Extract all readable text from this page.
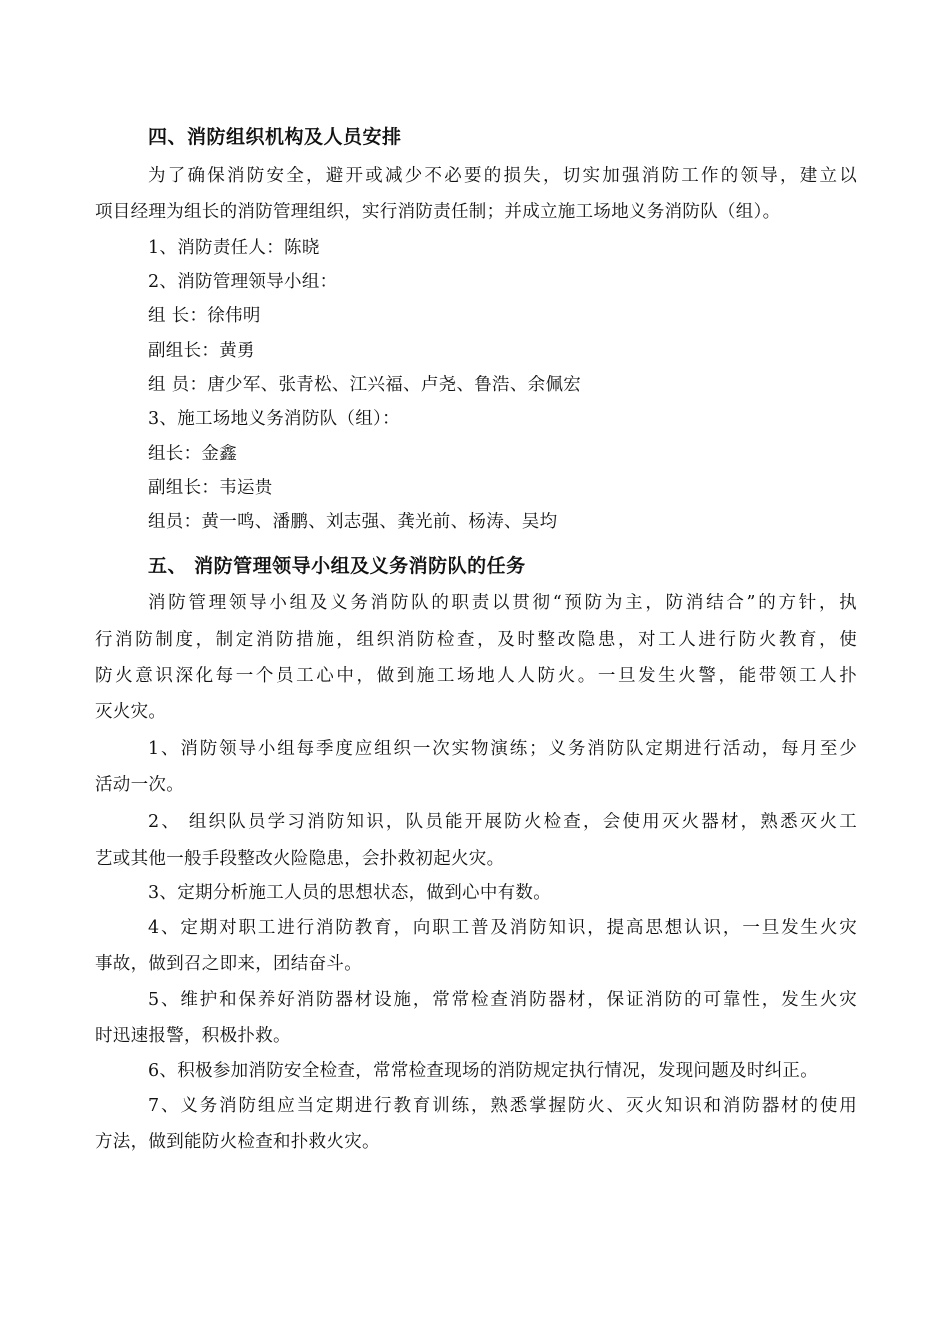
四、消防组织机构及人员安排
为了确保消防安全，避开或减少不必要的损失，切实加强消防工作的领导，建立以
项目经理为组长的消防管理组织，实行消防责任制；并成立施工场地义务消防队（组）。
1、消防责任人：陈晓
2、消防管理领导小组：
组 长：徐伟明
副组长：黄勇
组 员：唐少军、张青松、江兴福、卢尧、鲁浩、余佩宏
3、施工场地义务消防队（组）：
组长：金鑫
副组长：韦运贵
组员：黄一鸣、潘鹏、刘志强、龚光前、杨涛、吴均
五、 消防管理领导小组及义务消防队的任务
消防管理领导小组及义务消防队的职责以贯彻“预防为主，防消结合”的方针，执
行消防制度，制定消防措施，组织消防检查，及时整改隐患，对工人进行防火教育，使
防火意识深化每一个员工心中，做到施工场地人人防火。一旦发生火警，能带领工人扑
灭火灾。
1、消防领导小组每季度应组织一次实物演练；义务消防队定期进行活动，每月至少
活动一次。
2、 组织队员学习消防知识，队员能开展防火检查，会使用灭火器材，熟悉灭火工
艺或其他一般手段整改火险隐患，会扑救初起火灾。
3、定期分析施工人员的思想状态，做到心中有数。
4、定期对职工进行消防教育，向职工普及消防知识，提高思想认识，一旦发生火灾
事故，做到召之即来，团结奋斗。
5、维护和保养好消防器材设施，常常检查消防器材，保证消防的可靠性，发生火灾
时迅速报警，积极扑救。
6、积极参加消防安全检查，常常检查现场的消防规定执行情况，发现问题及时纠正。
7、义务消防组应当定期进行教育训练，熟悉掌握防火、灭火知识和消防器材的使用
方法，做到能防火检查和扑救火灾。
